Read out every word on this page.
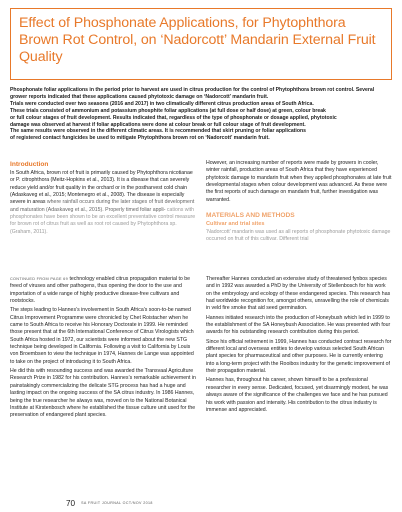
Effect of Phosphonate Applications, for Phytophthora Brown Rot Control, on ‘Nadorcott’ Mandarin External Fruit Quality

Phosphonate foliar applications in the period prior to harvest are used in citrus production for the control of Phytophthora brown rot control. Several grower reports indicated that these applications caused phytotoxic damage on ‘Nadorcott’ mandarin fruit.

Trials were conducted over two seasons (2016 and 2017) in two climatically different citrus production areas of South Africa.

These trials consisted of ammonium and potassium phosphite foliar applications (at full dose or half dose) at green, colour break

or full colour stages of fruit development. Results indicated that, regardless of the type of phosphonate or dosage applied, phytotoxic

damage was observed at harvest if foliar applications were done at colour break or full colour stage of fruit development.

The same results were observed in the different climatic areas. It is recommended that skirt pruning or foliar applications

of registered contact fungicides be used to mitigate Phytophthora brown rot on ‘Nadorcott’ mandarin fruit.

Introduction

In South Africa, brown rot of fruit is primarily caused by Phytophthora nicotianae or P. citrophthora (Meitz-Hopkins et al., 2013). It is a disease that can severely reduce yield and/or fruit quality in the orchard or in the postharvest cold chain (Adaskaveg et al., 2015; Montenegro et al., 2008). The disease is especially severe in areas where rainfall occurs during the later stages of fruit development and maturation (Adaskaveg et al., 2015). Properly timed foliar appli- cations with phosphonates have been shown to be an excellent preventative control measure for brown rot of citrus fruit as well as root rot caused by Phytophthora sp. (Graham, 2011).

However, an increasing number of reports were made by growers in cooler, winter rainfall, production areas of South Africa that they have experienced phytotoxic damage to mandarin fruit when they applied phosphonates at late fruit developmental stages when colour development was advanced. As these were the first reports of such damage on mandarin fruit, further investigation was warranted.

MATERIALS AND METHODS
Cultivar and trial sites

‘Nadorcott’ mandarin was used as all reports of phosphonate phytotoxic damage occurred on fruit of this cultivar. Different trial

CONTINUED FROM PAGE 69 technology enabled citrus propagation material to be freed of viruses and other pathogens, thus opening the door to the use and importation of a wide range of highly productive disease-free cultivars and rootstocks.

The steps leading to Hannes’s involvement in South Africa’s soon-to-be named Citrus Improvement Programme were chronicled by Chet Roistacher when he came to South Africa to receive his Honorary Doctorate in 1999. He reminded those present that at the 6th International Conference of Citrus Virologists which South Africa hosted in 1972, our scientists were informed about the new STG technique being developed in California. Following a visit to California by Louis von Broembsen to view the technique in 1974, Hannes de Lange was appointed to take on the project of introducing it to South Africa.

He did this with resounding success and was awarded the Transvaal Agriculture Research Prize in 1982 for his contribution. Hannes’s remarkable achievement in painstakingly commercializing the delicate STG process has had a huge and lasting impact on the ongoing success of the SA citrus industry. In 1986 Hannes, being the true researcher he always was, moved on to the National Botanical Institute at Kirstenbosch where he established the tissue culture unit used for the preservation of endangered plant species.

Thereafter Hannes conducted an extensive study of threatened fynbos species and in 1992 was awarded a PhD by the University of Stellenbosch for his work on the embryology and ecology of these endangered species. This research has had worldwide recognition for, amongst others, unravelling the role of chemicals in veld fire smoke that aid seed germination.

Hannes initiated research into the production of Honeybush which led in 1999 to the establishment of the SA Honeybush Association. He was presented with four awards for his outstanding research contribution during this period.

Since his official retirement in 1999, Hannes has conducted contract research for different local and overseas entities to develop various selected South African plant species for pharmaceutical and other purposes. He is currently entering into a long-term project with the Rooibos industry for the genetic improvement of their propagation material.

Hannes has, throughout his career, shown himself to be a professional researcher in every sense. Dedicated, focused, yet disarmingly modest, he was always aware of the significance of the challenges we face and he has pursued his work with passion and intensity. His contribution to the citrus industry is immense and appreciated.

70 SA FRUIT JOURNAL OCT/NOV 2018
